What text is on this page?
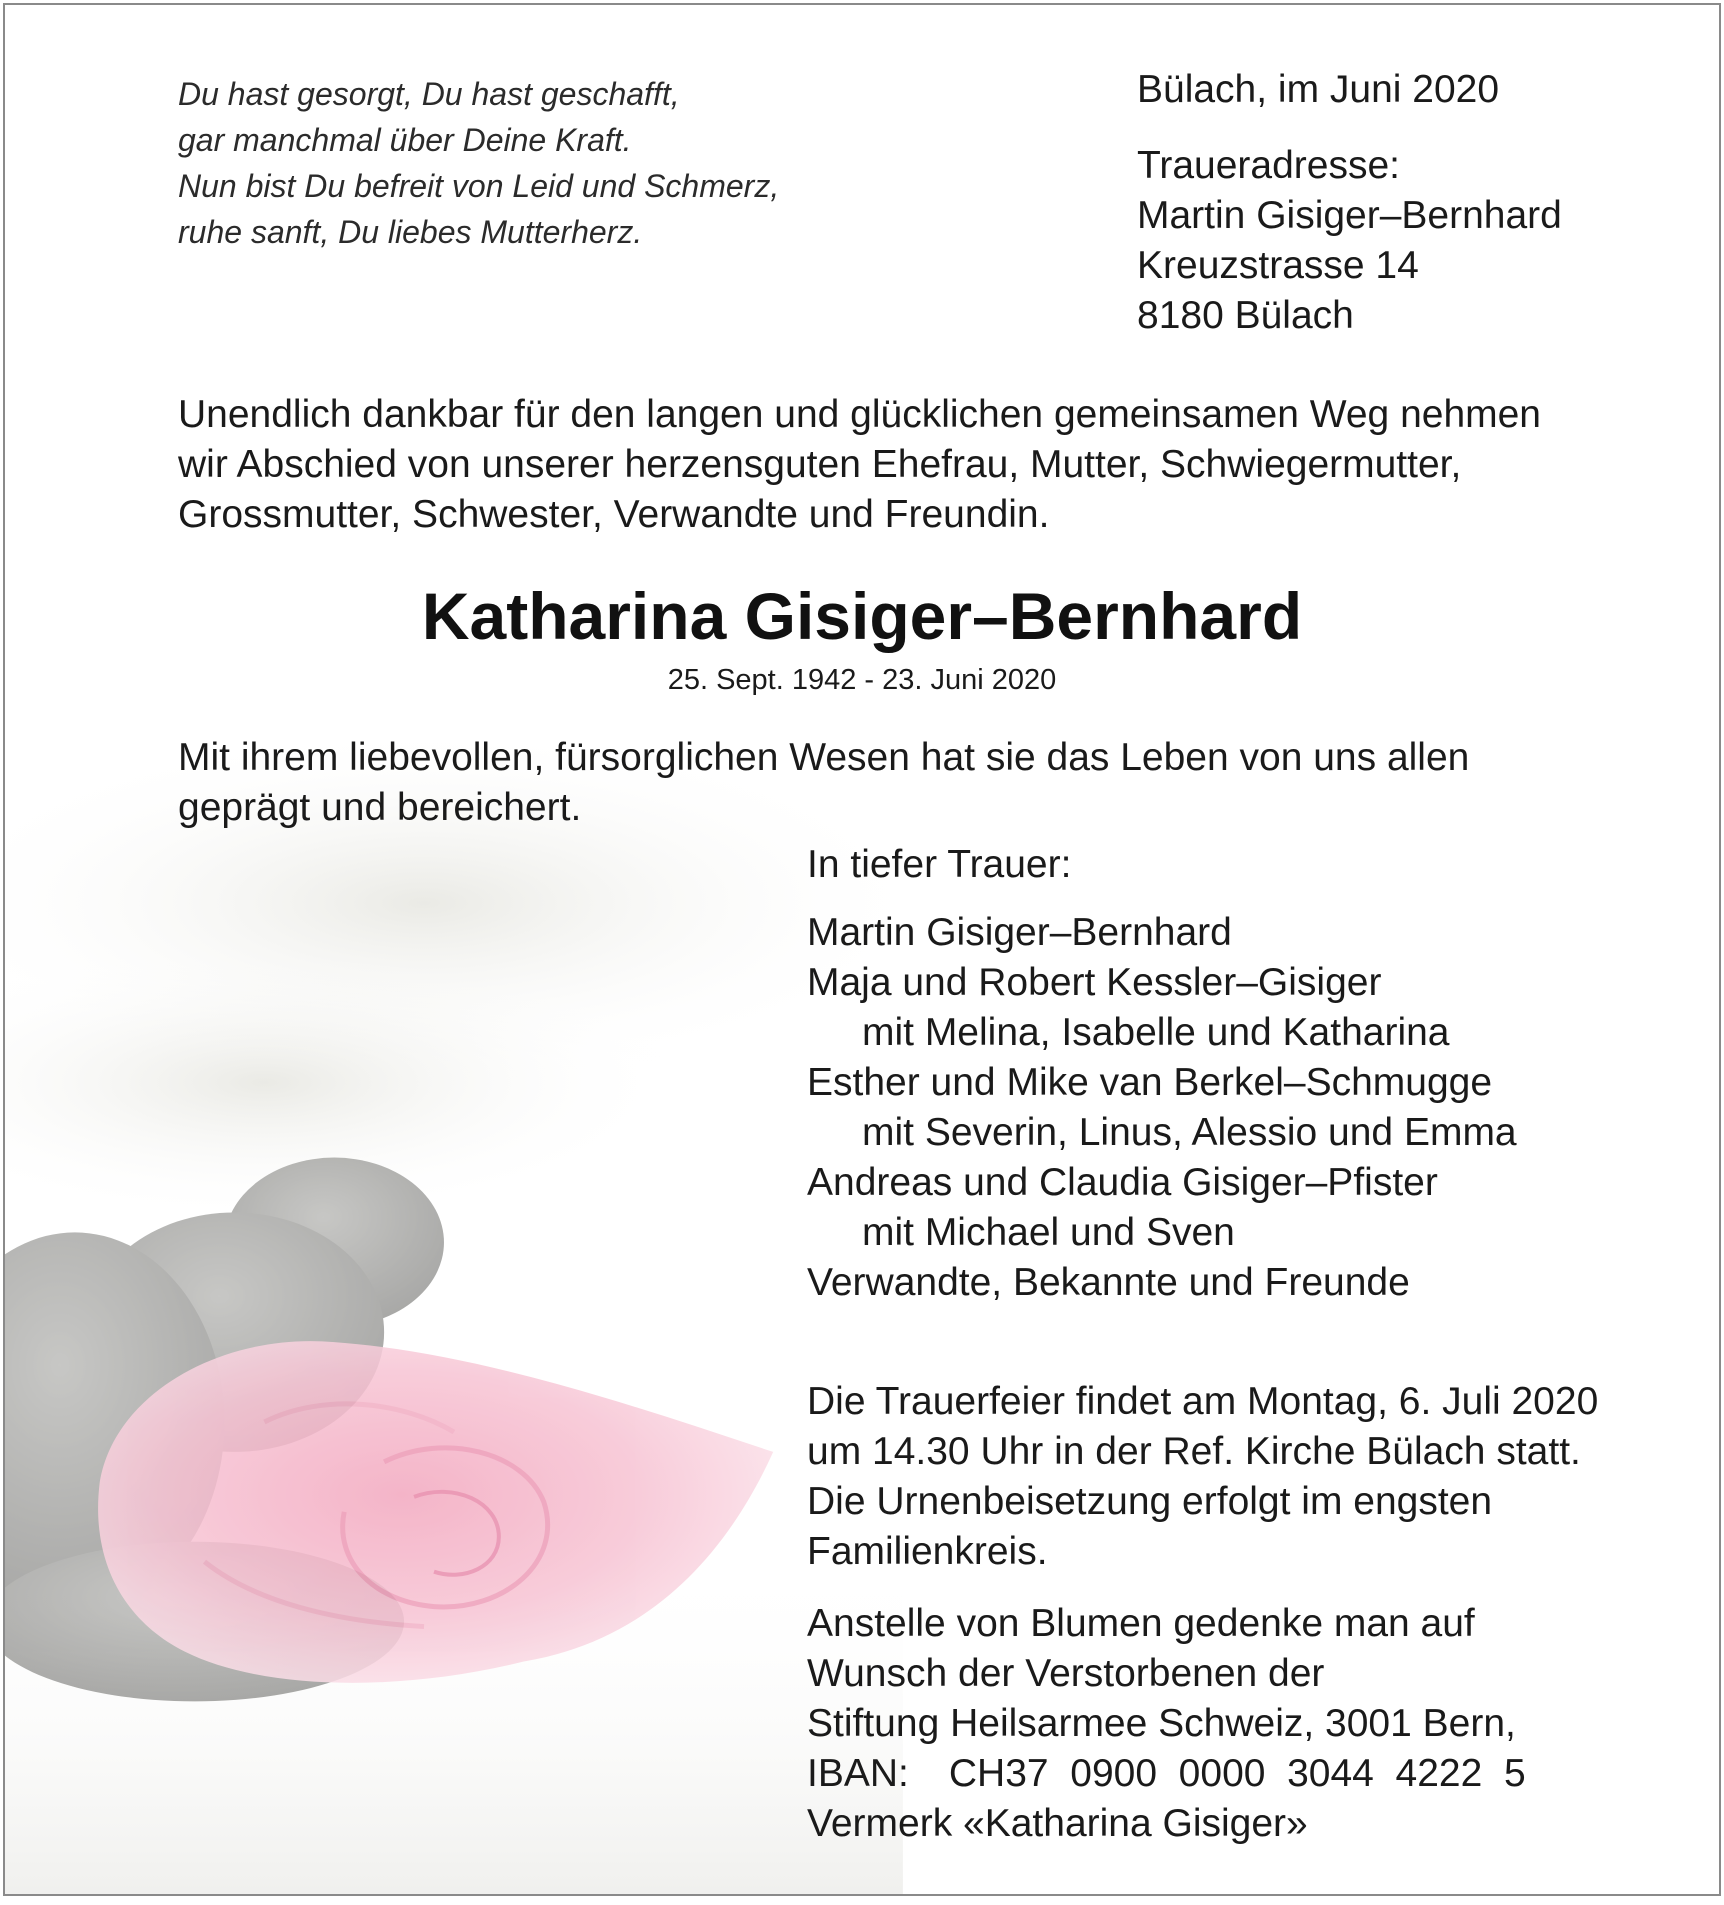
Du hast gesorgt, Du hast geschafft,
gar manchmal über Deine Kraft.
Nun bist Du befreit von Leid und Schmerz,
ruhe sanft, Du liebes Mutterherz.
Bülach, im Juni 2020
Traueradresse:
Martin Gisiger–Bernhard
Kreuzstrasse 14
8180 Bülach
Unendlich dankbar für den langen und glücklichen gemeinsamen Weg nehmen
wir Abschied von unserer herzensguten Ehefrau, Mutter, Schwiegermutter,
Grossmutter, Schwester, Verwandte und Freundin.
Katharina Gisiger–Bernhard
25. Sept. 1942 - 23. Juni 2020
Mit ihrem liebevollen, fürsorglichen Wesen hat sie das Leben von uns allen
geprägt und bereichert.
In tiefer Trauer:
Martin Gisiger–Bernhard
Maja und Robert Kessler–Gisiger
mit Melina, Isabelle und Katharina
Esther und Mike van Berkel–Schmugge
mit Severin, Linus, Alessio und Emma
Andreas und Claudia Gisiger–Pfister
mit Michael und Sven
Verwandte, Bekannte und Freunde
Die Trauerfeier findet am Montag, 6. Juli 2020
um 14.30 Uhr in der Ref. Kirche Bülach statt.
Die Urnenbeisetzung erfolgt im engsten
Familienkreis.
Anstelle von Blumen gedenke man auf
Wunsch der Verstorbenen der
Stiftung Heilsarmee Schweiz, 3001 Bern,
IBAN: CH37  0900  0000  3044  4222  5
Vermerk «Katharina Gisiger»
